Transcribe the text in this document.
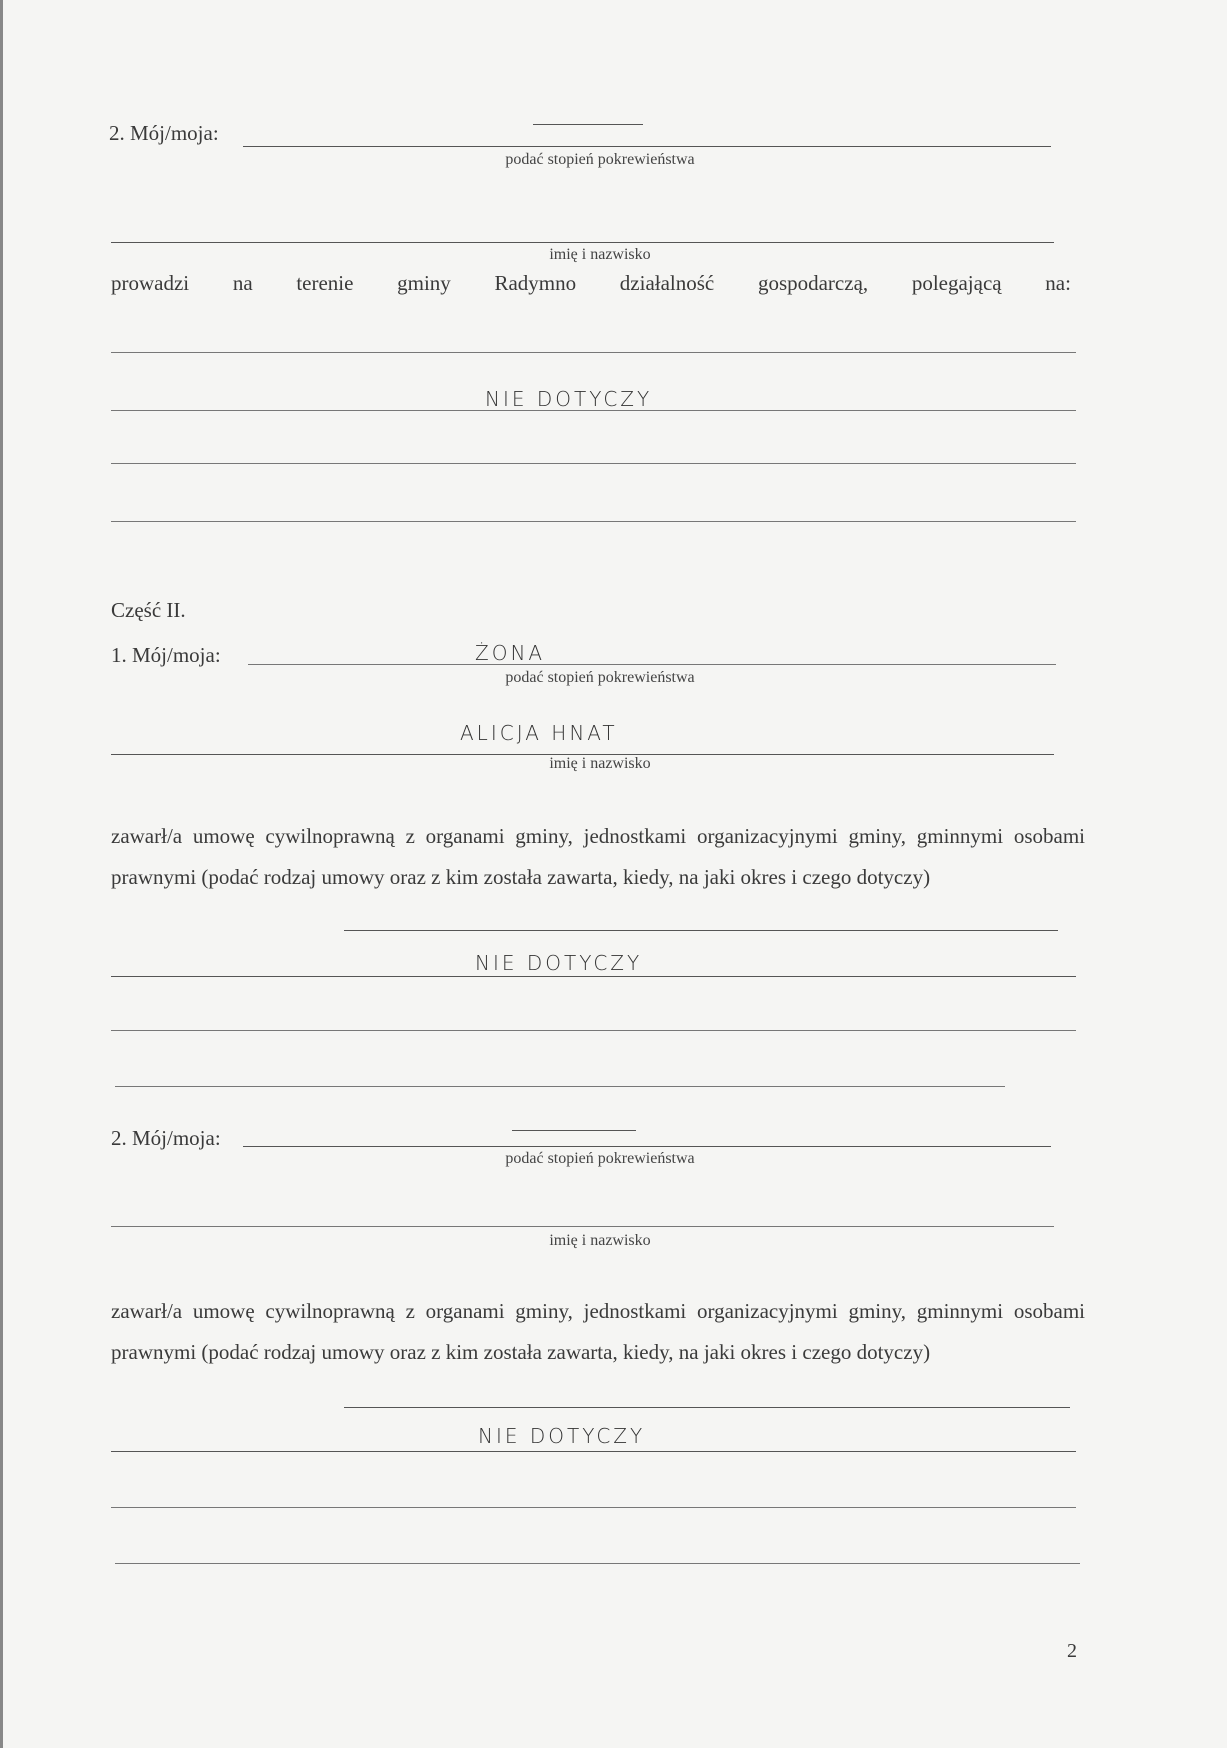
2. Mój/moja:
podać stopień pokrewieństwa
imię i nazwisko
prowadzi na terenie gminy Radymno działalność gospodarczą, polegającą na:
NIE DOTYCZY
Część II.
1. Mój/moja:	ŻONA
podać stopień pokrewieństwa
ALICJA HNAT
imię i nazwisko
zawarł/a umowę cywilnoprawną z organami gminy, jednostkami organizacyjnymi gminy, gminnymi osobami prawnymi (podać rodzaj umowy oraz z kim została zawarta, kiedy, na jaki okres i czego dotyczy)
NIE DOTYCZY
2. Mój/moja:
podać stopień pokrewieństwa
imię i nazwisko
zawarł/a umowę cywilnoprawną z organami gminy, jednostkami organizacyjnymi gminy, gminnymi osobami prawnymi (podać rodzaj umowy oraz z kim została zawarta, kiedy, na jaki okres i czego dotyczy)
NIE DOTYCZY
2
